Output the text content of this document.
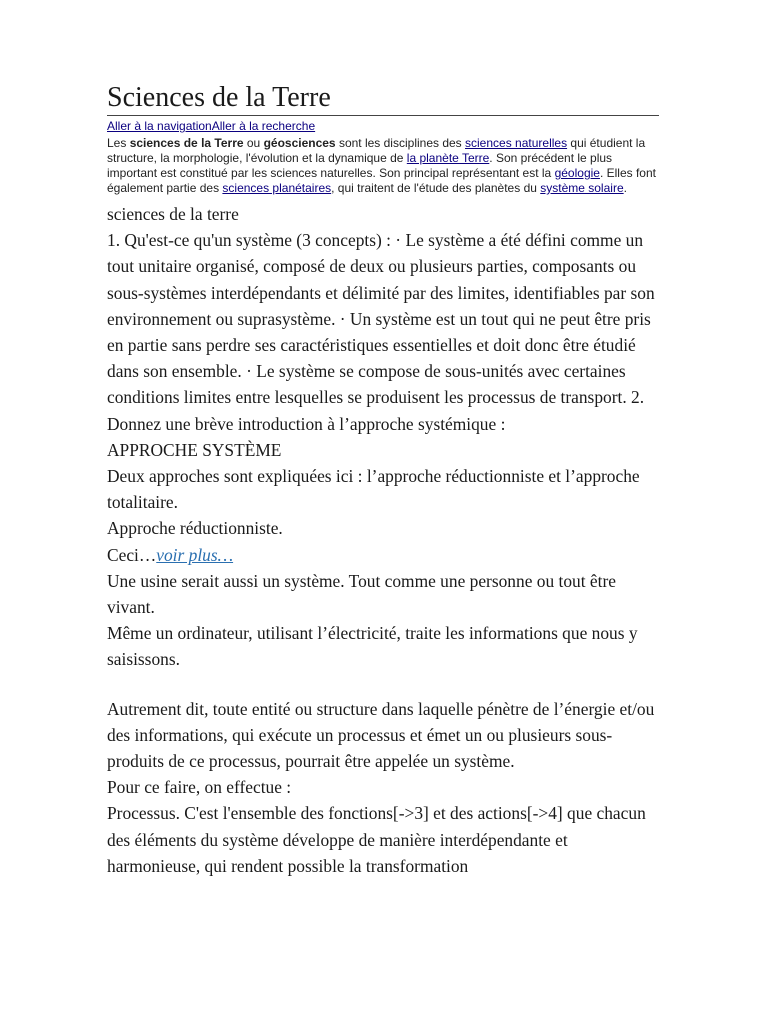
Sciences de la Terre
Aller à la navigationAller à la recherche
Les sciences de la Terre ou géosciences sont les disciplines des sciences naturelles qui étudient la structure, la morphologie, l'évolution et la dynamique de la planète Terre. Son précédent le plus important est constitué par les sciences naturelles. Son principal représentant est la géologie. Elles font également partie des sciences planétaires, qui traitent de l'étude des planètes du système solaire.

sciences de la terre

1. Qu'est-ce qu'un système (3 concepts) : · Le système a été défini comme un tout unitaire organisé, composé de deux ou plusieurs parties, composants ou sous-systèmes interdépendants et délimité par des limites, identifiables par son environnement ou suprasystème. · Un système est un tout qui ne peut être pris en partie sans perdre ses caractéristiques essentielles et doit donc être étudié dans son ensemble. · Le système se compose de sous-unités avec certaines conditions limites entre lesquelles se produisent les processus de transport. 2. Donnez une brève introduction à l’approche systémique :

APPROCHE SYSTÈME

Deux approches sont expliquées ici : l’approche réductionniste et l’approche totalitaire.

Approche réductionniste.

Ceci…voir plus…

Une usine serait aussi un système. Tout comme une personne ou tout être vivant.

Même un ordinateur, utilisant l’électricité, traite les informations que nous y saisissons.

Autrement dit, toute entité ou structure dans laquelle pénètre de l’énergie et/ou des informations, qui exécute un processus et émet un ou plusieurs sous-produits de ce processus, pourrait être appelée un système.

Pour ce faire, on effectue :

Processus. C'est l'ensemble des fonctions[->3] et des actions[->4] que chacun des éléments du système développe de manière interdépendante et harmonieuse, qui rendent possible la transformation
